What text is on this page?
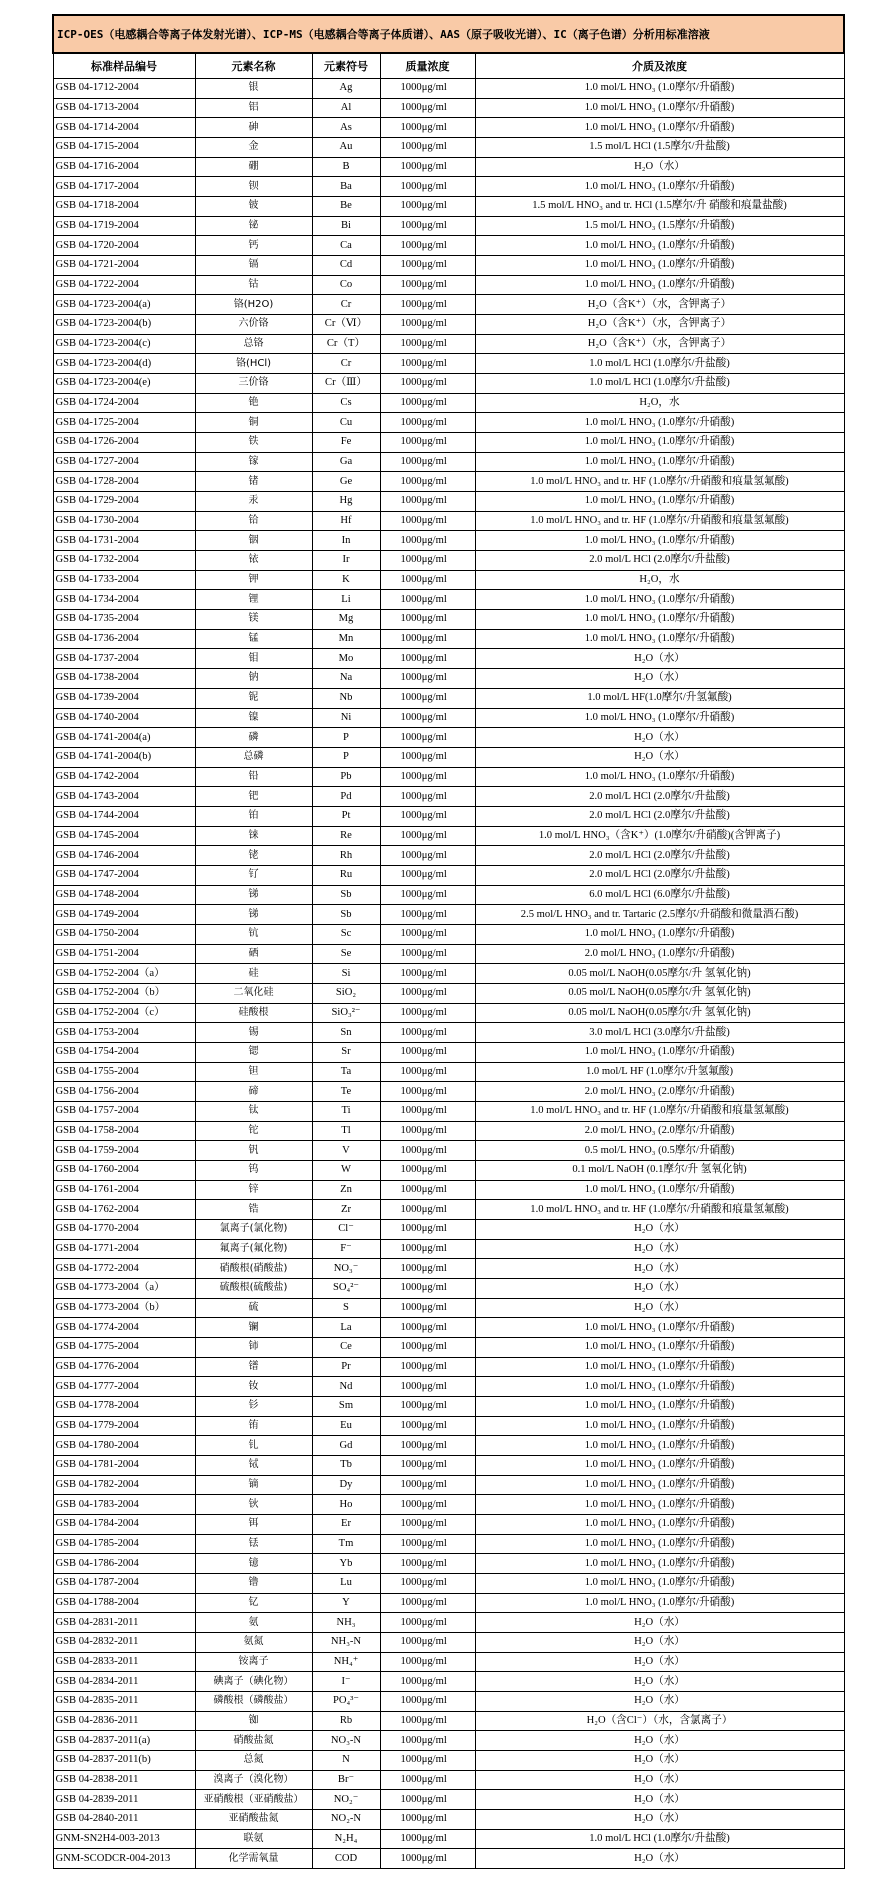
ICP-OES（电感耦合等离子体发射光谱）、ICP-MS（电感耦合等离子体质谱）、AAS（原子吸收光谱）、IC（离子色谱）分析用标准溶液				
标准样品编号	元素名称	元素符号	质量浓度	介质及浓度
GSB 04-1712-2004	银	Ag	1000μg/ml	1.0 mol/L HNO₃ (1.0摩尔/升硝酸)
GSB 04-1713-2004	铝	Al	1000μg/ml	1.0 mol/L HNO₃ (1.0摩尔/升硝酸)
GSB 04-1714-2004	砷	As	1000μg/ml	1.0 mol/L HNO₃ (1.0摩尔/升硝酸)
GSB 04-1715-2004	金	Au	1000μg/ml	1.5 mol/L HCl (1.5摩尔/升盐酸)
GSB 04-1716-2004	硼	B	1000μg/ml	H₂O（水）
GSB 04-1717-2004	钡	Ba	1000μg/ml	1.0 mol/L HNO₃ (1.0摩尔/升硝酸)
GSB 04-1718-2004	铍	Be	1000μg/ml	1.5 mol/L HNO₃ and tr. HCl (1.5摩尔/升 硝酸和痕量盐酸)
GSB 04-1719-2004	铋	Bi	1000μg/ml	1.5 mol/L HNO₃ (1.5摩尔/升硝酸)
GSB 04-1720-2004	钙	Ca	1000μg/ml	1.0 mol/L HNO₃ (1.0摩尔/升硝酸)
GSB 04-1721-2004	镉	Cd	1000μg/ml	1.0 mol/L HNO₃ (1.0摩尔/升硝酸)
GSB 04-1722-2004	钴	Co	1000μg/ml	1.0 mol/L HNO₃ (1.0摩尔/升硝酸)
GSB 04-1723-2004(a)	铬(H2O)	Cr	1000μg/ml	H₂O（含K⁺）（水，含钾离子）
GSB 04-1723-2004(b)	六价铬	Cr（Ⅵ）	1000μg/ml	H₂O（含K⁺）（水，含钾离子）
GSB 04-1723-2004(c)	总铬	Cr（T）	1000μg/ml	H₂O（含K⁺）（水，含钾离子）
GSB 04-1723-2004(d)	铬(HCl)	Cr	1000μg/ml	1.0 mol/L HCl (1.0摩尔/升盐酸)
GSB 04-1723-2004(e)	三价铬	Cr（Ⅲ）	1000μg/ml	1.0 mol/L HCl (1.0摩尔/升盐酸)
GSB 04-1724-2004	铯	Cs	1000μg/ml	H₂O，水
GSB 04-1725-2004	铜	Cu	1000μg/ml	1.0 mol/L HNO₃ (1.0摩尔/升硝酸)
GSB 04-1726-2004	铁	Fe	1000μg/ml	1.0 mol/L HNO₃ (1.0摩尔/升硝酸)
GSB 04-1727-2004	镓	Ga	1000μg/ml	1.0 mol/L HNO₃ (1.0摩尔/升硝酸)
GSB 04-1728-2004	锗	Ge	1000μg/ml	1.0 mol/L HNO₃ and tr. HF (1.0摩尔/升硝酸和痕量氢氟酸)
GSB 04-1729-2004	汞	Hg	1000μg/ml	1.0 mol/L HNO₃ (1.0摩尔/升硝酸)
GSB 04-1730-2004	铪	Hf	1000μg/ml	1.0 mol/L HNO₃ and tr. HF (1.0摩尔/升硝酸和痕量氢氟酸)
GSB 04-1731-2004	铟	In	1000μg/ml	1.0 mol/L HNO₃ (1.0摩尔/升硝酸)
GSB 04-1732-2004	铱	Ir	1000μg/ml	2.0 mol/L HCl (2.0摩尔/升盐酸)
GSB 04-1733-2004	钾	K	1000μg/ml	H₂O，水
GSB 04-1734-2004	锂	Li	1000μg/ml	1.0 mol/L HNO₃ (1.0摩尔/升硝酸)
GSB 04-1735-2004	镁	Mg	1000μg/ml	1.0 mol/L HNO₃ (1.0摩尔/升硝酸)
GSB 04-1736-2004	锰	Mn	1000μg/ml	1.0 mol/L HNO₃ (1.0摩尔/升硝酸)
GSB 04-1737-2004	钼	Mo	1000μg/ml	H₂O（水）
GSB 04-1738-2004	钠	Na	1000μg/ml	H₂O（水）
GSB 04-1739-2004	铌	Nb	1000μg/ml	1.0 mol/L HF(1.0摩尔/升氢氟酸)
GSB 04-1740-2004	镍	Ni	1000μg/ml	1.0 mol/L HNO₃ (1.0摩尔/升硝酸)
GSB 04-1741-2004(a)	磷	P	1000μg/ml	H₂O（水）
GSB 04-1741-2004(b)	总磷	P	1000μg/ml	H₂O（水）
GSB 04-1742-2004	铅	Pb	1000μg/ml	1.0 mol/L HNO₃ (1.0摩尔/升硝酸)
GSB 04-1743-2004	钯	Pd	1000μg/ml	2.0 mol/L HCl (2.0摩尔/升盐酸)
GSB 04-1744-2004	铂	Pt	1000μg/ml	2.0 mol/L HCl (2.0摩尔/升盐酸)
GSB 04-1745-2004	铼	Re	1000μg/ml	1.0 mol/L HNO₃（含K⁺）(1.0摩尔/升硝酸)(含钾离子)
GSB 04-1746-2004	铑	Rh	1000μg/ml	2.0 mol/L HCl (2.0摩尔/升盐酸)
GSB 04-1747-2004	钌	Ru	1000μg/ml	2.0 mol/L HCl (2.0摩尔/升盐酸)
GSB 04-1748-2004	锑	Sb	1000μg/ml	6.0 mol/L HCl (6.0摩尔/升盐酸)
GSB 04-1749-2004	锑	Sb	1000μg/ml	2.5 mol/L HNO₃ and tr. Tartaric (2.5摩尔/升硝酸和微量酒石酸)
GSB 04-1750-2004	钪	Sc	1000μg/ml	1.0 mol/L HNO₃ (1.0摩尔/升硝酸)
GSB 04-1751-2004	硒	Se	1000μg/ml	2.0 mol/L HNO₃ (1.0摩尔/升硝酸)
GSB 04-1752-2004（a）	硅	Si	1000μg/ml	0.05 mol/L NaOH(0.05摩尔/升 氢氧化钠)
GSB 04-1752-2004（b）	二氧化硅	SiO₂	1000μg/ml	0.05 mol/L NaOH(0.05摩尔/升 氢氧化钠)
GSB 04-1752-2004（c）	硅酸根	SiO₃²⁻	1000μg/ml	0.05 mol/L NaOH(0.05摩尔/升 氢氧化钠)
GSB 04-1753-2004	锡	Sn	1000μg/ml	3.0 mol/L HCl (3.0摩尔/升盐酸)
GSB 04-1754-2004	锶	Sr	1000μg/ml	1.0 mol/L HNO₃ (1.0摩尔/升硝酸)
GSB 04-1755-2004	钽	Ta	1000μg/ml	1.0 mol/L HF (1.0摩尔/升氢氟酸)
GSB 04-1756-2004	碲	Te	1000μg/ml	2.0 mol/L HNO₃ (2.0摩尔/升硝酸)
GSB 04-1757-2004	钛	Ti	1000μg/ml	1.0 mol/L HNO₃ and tr. HF (1.0摩尔/升硝酸和痕量氢氟酸)
GSB 04-1758-2004	铊	Tl	1000μg/ml	2.0 mol/L HNO₃ (2.0摩尔/升硝酸)
GSB 04-1759-2004	钒	V	1000μg/ml	0.5 mol/L HNO₃ (0.5摩尔/升硝酸)
GSB 04-1760-2004	钨	W	1000μg/ml	0.1 mol/L NaOH (0.1摩尔/升 氢氧化钠)
GSB 04-1761-2004	锌	Zn	1000μg/ml	1.0 mol/L HNO₃ (1.0摩尔/升硝酸)
GSB 04-1762-2004	锆	Zr	1000μg/ml	1.0 mol/L HNO₃ and tr. HF (1.0摩尔/升硝酸和痕量氢氟酸)
GSB 04-1770-2004	氯离子(氯化物)	Cl⁻	1000μg/ml	H₂O（水）
GSB 04-1771-2004	氟离子(氟化物)	F⁻	1000μg/ml	H₂O（水）
GSB 04-1772-2004	硝酸根(硝酸盐)	NO₃⁻	1000μg/ml	H₂O（水）
GSB 04-1773-2004（a）	硫酸根(硫酸盐)	SO₄²⁻	1000μg/ml	H₂O（水）
GSB 04-1773-2004（b）	硫	S	1000μg/ml	H₂O（水）
GSB 04-1774-2004	镧	La	1000μg/ml	1.0 mol/L HNO₃ (1.0摩尔/升硝酸)
GSB 04-1775-2004	铈	Ce	1000μg/ml	1.0 mol/L HNO₃ (1.0摩尔/升硝酸)
GSB 04-1776-2004	镨	Pr	1000μg/ml	1.0 mol/L HNO₃ (1.0摩尔/升硝酸)
GSB 04-1777-2004	钕	Nd	1000μg/ml	1.0 mol/L HNO₃ (1.0摩尔/升硝酸)
GSB 04-1778-2004	钐	Sm	1000μg/ml	1.0 mol/L HNO₃ (1.0摩尔/升硝酸)
GSB 04-1779-2004	铕	Eu	1000μg/ml	1.0 mol/L HNO₃ (1.0摩尔/升硝酸)
GSB 04-1780-2004	钆	Gd	1000μg/ml	1.0 mol/L HNO₃ (1.0摩尔/升硝酸)
GSB 04-1781-2004	铽	Tb	1000μg/ml	1.0 mol/L HNO₃ (1.0摩尔/升硝酸)
GSB 04-1782-2004	镝	Dy	1000μg/ml	1.0 mol/L HNO₃ (1.0摩尔/升硝酸)
GSB 04-1783-2004	钬	Ho	1000μg/ml	1.0 mol/L HNO₃ (1.0摩尔/升硝酸)
GSB 04-1784-2004	铒	Er	1000μg/ml	1.0 mol/L HNO₃ (1.0摩尔/升硝酸)
GSB 04-1785-2004	铥	Tm	1000μg/ml	1.0 mol/L HNO₃ (1.0摩尔/升硝酸)
GSB 04-1786-2004	镱	Yb	1000μg/ml	1.0 mol/L HNO₃ (1.0摩尔/升硝酸)
GSB 04-1787-2004	镥	Lu	1000μg/ml	1.0 mol/L HNO₃ (1.0摩尔/升硝酸)
GSB 04-1788-2004	钇	Y	1000μg/ml	1.0 mol/L HNO₃ (1.0摩尔/升硝酸)
GSB 04-2831-2011	氨	NH₃	1000μg/ml	H₂O（水）
GSB 04-2832-2011	氨氮	NH₃-N	1000μg/ml	H₂O（水）
GSB 04-2833-2011	铵离子	NH₄⁺	1000μg/ml	H₂O（水）
GSB 04-2834-2011	碘离子（碘化物）	I⁻	1000μg/ml	H₂O（水）
GSB 04-2835-2011	磷酸根（磷酸盐）	PO₄³⁻	1000μg/ml	H₂O（水）
GSB 04-2836-2011	铷	Rb	1000μg/ml	H₂O（含Cl⁻）（水，含氯离子）
GSB 04-2837-2011(a)	硝酸盐氮	NO₃-N	1000μg/ml	H₂O（水）
GSB 04-2837-2011(b)	总氮	N	1000μg/ml	H₂O（水）
GSB 04-2838-2011	溴离子（溴化物）	Br⁻	1000μg/ml	H₂O（水）
GSB 04-2839-2011	亚硝酸根（亚硝酸盐）	NO₂⁻	1000μg/ml	H₂O（水）
GSB 04-2840-2011	亚硝酸盐氮	NO₂-N	1000μg/ml	H₂O（水）
GNM-SN2H4-003-2013	联氨	N₂H₄	1000μg/ml	1.0 mol/L HCl (1.0摩尔/升盐酸)
GNM-SCODCR-004-2013	化学需氧量	COD	1000μg/ml	H₂O（水）
